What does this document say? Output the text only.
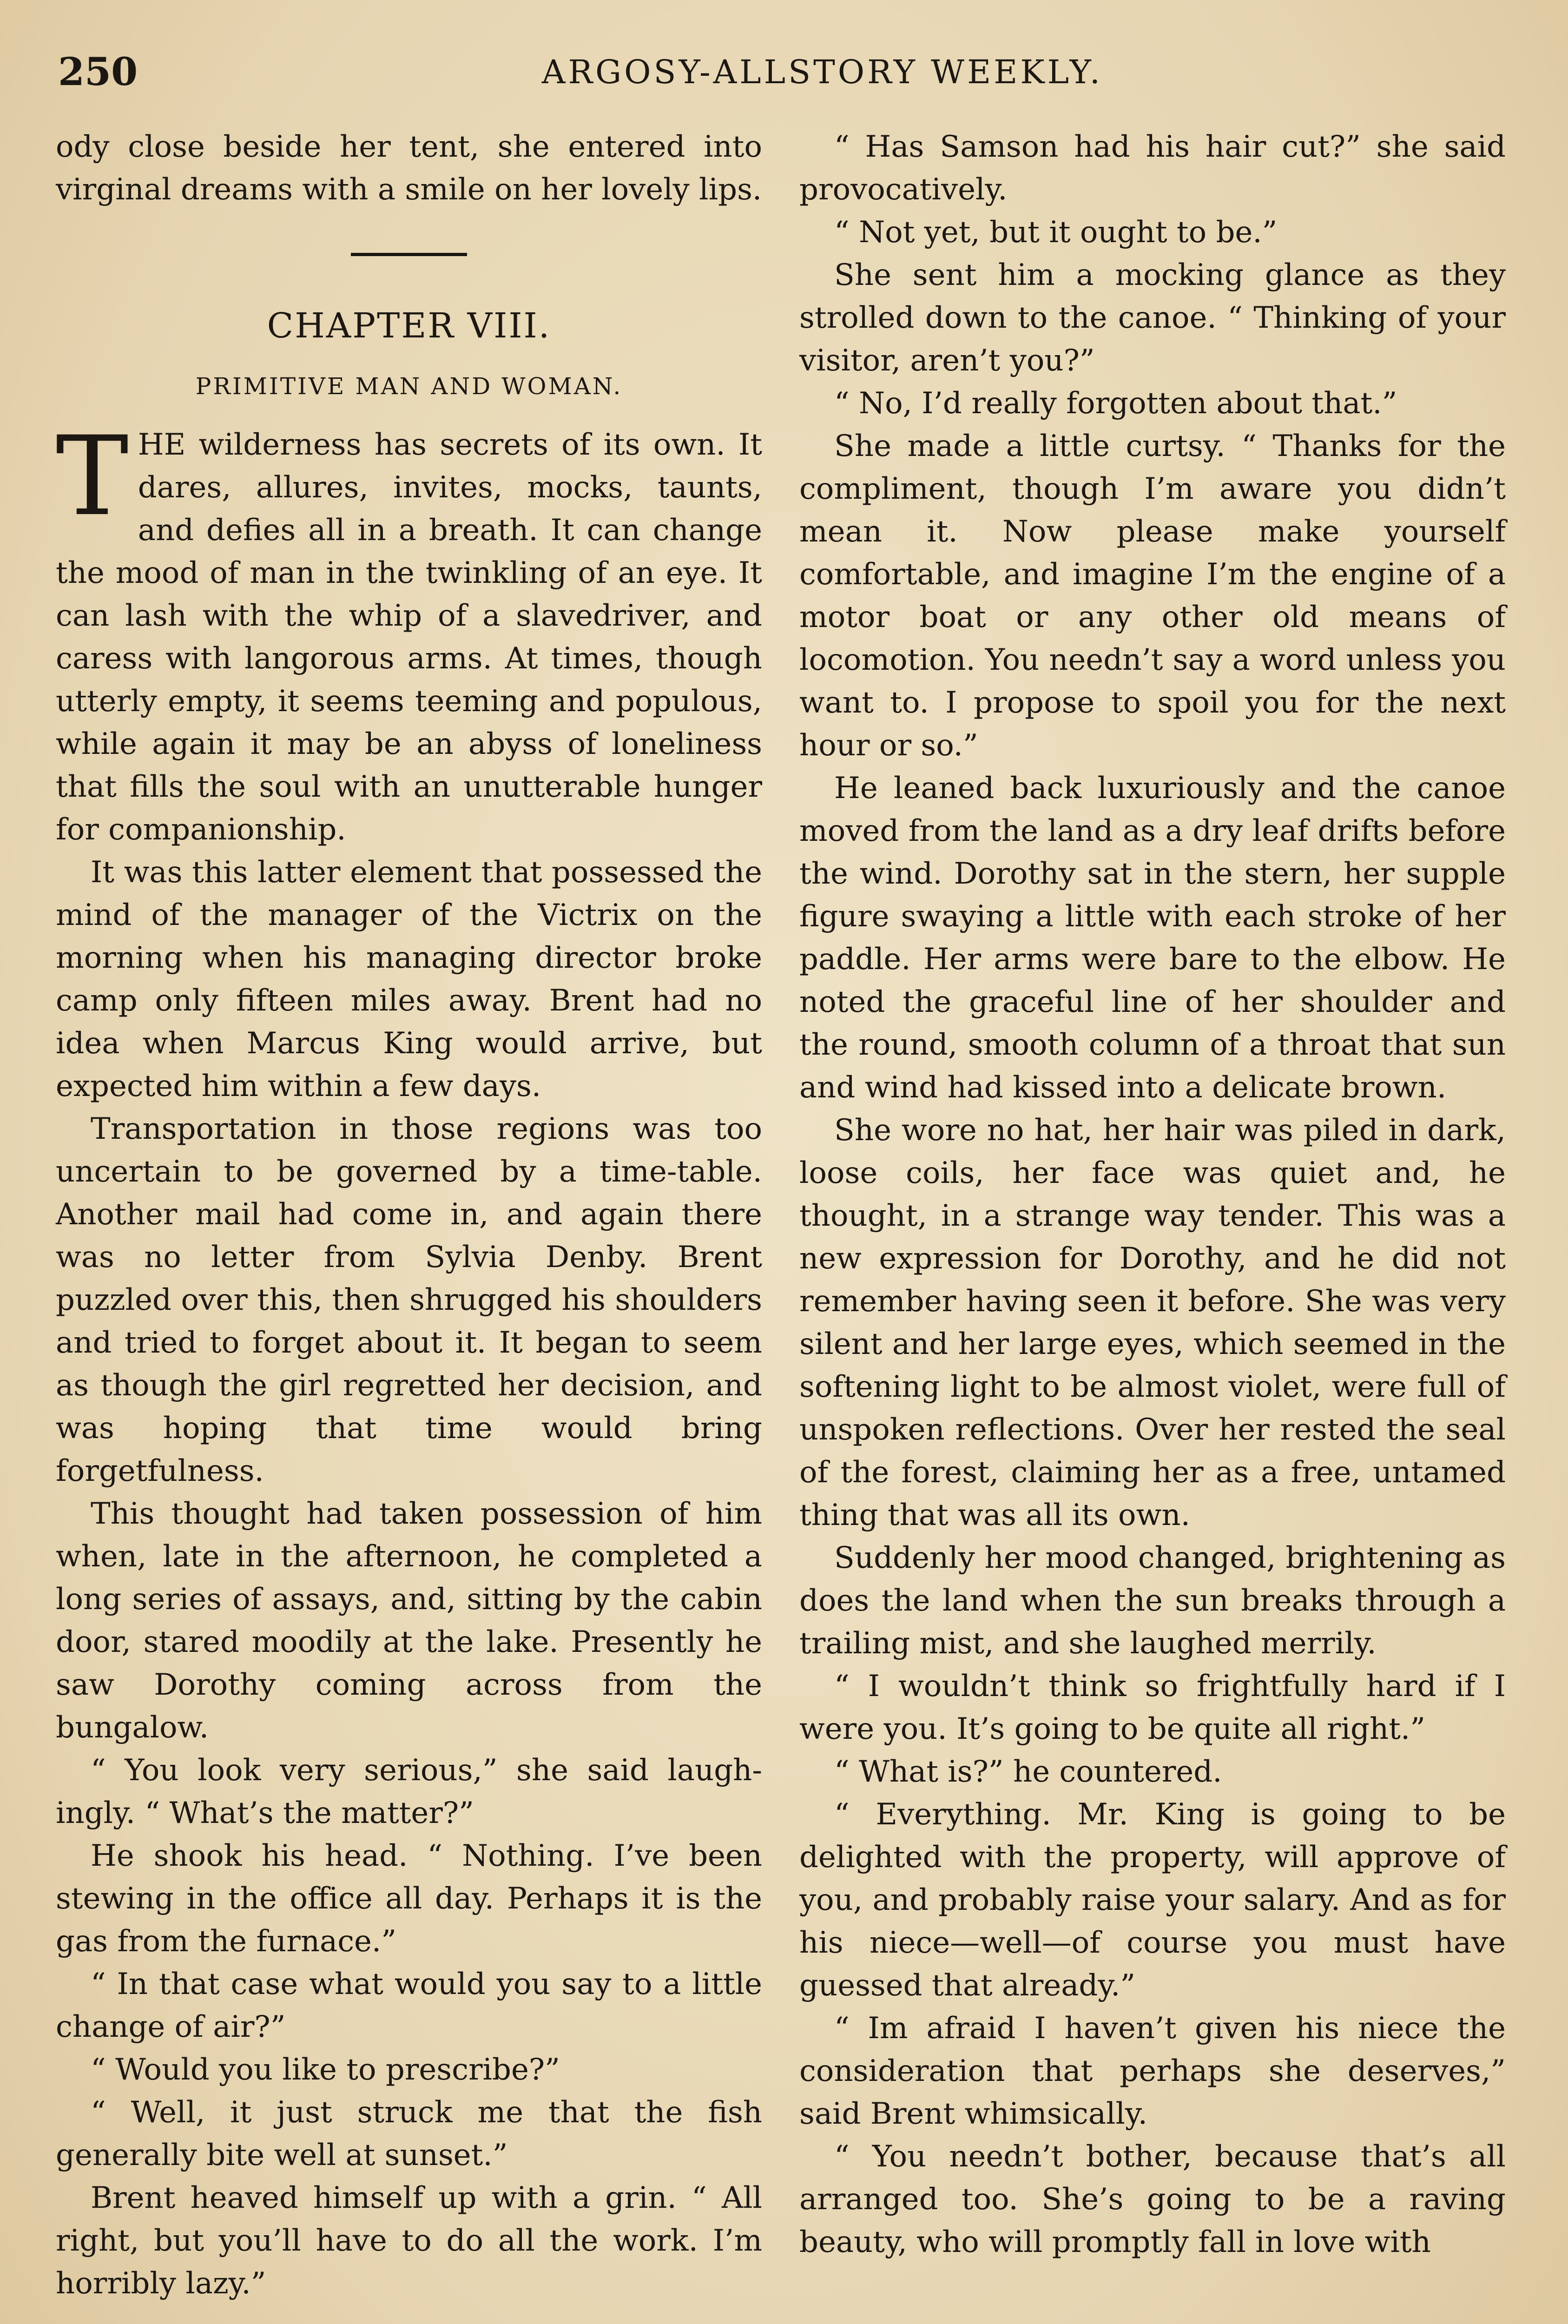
250	ARGOSY-ALLSTORY WEEKLY.

ody close beside her tent, she entered into virginal dreams with a smile on her lovely lips.

CHAPTER VIII.
PRIMITIVE MAN AND WOMAN.

THE wilderness has secrets of its own. It dares, allures, invites, mocks, taunts, and defies all in a breath. It can change the mood of man in the twinkling of an eye. It can lash with the whip of a slavedriver, and caress with langorous arms. At times, though utterly empty, it seems teeming and populous, while again it may be an abyss of loneliness that fills the soul with an unutterable hunger for companionship.

It was this latter element that possessed the mind of the manager of the Victrix on the morning when his managing director broke camp only fifteen miles away. Brent had no idea when Marcus King would arrive, but expected him within a few days.

Transportation in those regions was too uncertain to be governed by a time-table. Another mail had come in, and again there was no letter from Sylvia Denby. Brent puzzled over this, then shrugged his shoulders and tried to forget about it. It began to seem as though the girl regretted her decision, and was hoping that time would bring forgetfulness.

This thought had taken possession of him when, late in the afternoon, he completed a long series of assays, and, sitting by the cabin door, stared moodily at the lake. Presently he saw Dorothy coming across from the bungalow.

“ You look very serious,” she said laughingly. “ What’s the matter?”

He shook his head. “ Nothing. I’ve been stewing in the office all day. Perhaps it is the gas from the furnace.”

“ In that case what would you say to a little change of air?”

“ Would you like to prescribe?”

“ Well, it just struck me that the fish generally bite well at sunset.”

Brent heaved himself up with a grin. “ All right, but you’ll have to do all the work. I’m horribly lazy.”

“ Has Samson had his hair cut?” she said provocatively.

“ Not yet, but it ought to be.”

She sent him a mocking glance as they strolled down to the canoe. “ Thinking of your visitor, aren’t you?”

“ No, I’d really forgotten about that.”

She made a little curtsy. “ Thanks for the compliment, though I’m aware you didn’t mean it. Now please make yourself comfortable, and imagine I’m the engine of a motor boat or any other old means of locomotion. You needn’t say a word unless you want to. I propose to spoil you for the next hour or so.”

He leaned back luxuriously and the canoe moved from the land as a dry leaf drifts before the wind. Dorothy sat in the stern, her supple figure swaying a little with each stroke of her paddle. Her arms were bare to the elbow. He noted the graceful line of her shoulder and the round, smooth column of a throat that sun and wind had kissed into a delicate brown.

She wore no hat, her hair was piled in dark, loose coils, her face was quiet and, he thought, in a strange way tender. This was a new expression for Dorothy, and he did not remember having seen it before. She was very silent and her large eyes, which seemed in the softening light to be almost violet, were full of unspoken reflections. Over her rested the seal of the forest, claiming her as a free, untamed thing that was all its own.

Suddenly her mood changed, brightening as does the land when the sun breaks through a trailing mist, and she laughed merrily.

“ I wouldn’t think so frightfully hard if I were you. It’s going to be quite all right.”

“ What is?” he countered.

“ Everything. Mr. King is going to be delighted with the property, will approve of you, and probably raise your salary. And as for his niece—well—of course you must have guessed that already.”

“ Im afraid I haven’t given his niece the consideration that perhaps she deserves,” said Brent whimsically.

“ You needn’t bother, because that’s all arranged too. She’s going to be a raving beauty, who will promptly fall in love with
